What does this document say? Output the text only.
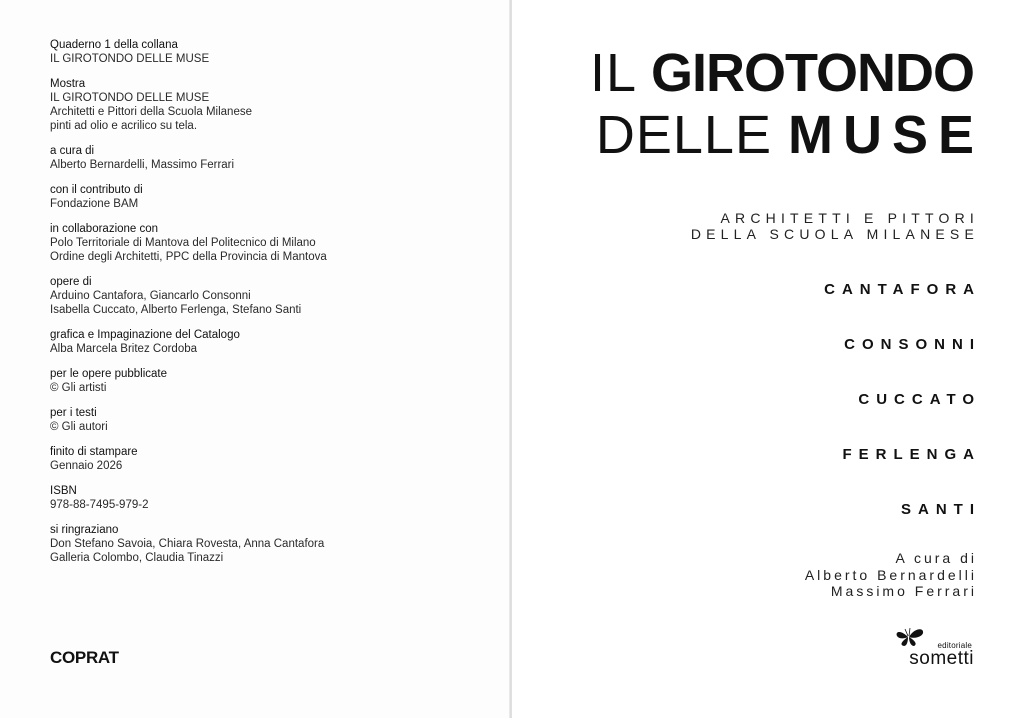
Quaderno 1 della collana
IL GIROTONDO DELLE MUSE
Mostra
IL GIROTONDO DELLE MUSE
Architetti e Pittori della Scuola Milanese
pinti ad olio e acrilico su tela.
a cura di
Alberto Bernardelli, Massimo Ferrari
con il contributo di
Fondazione BAM
in collaborazione con
Polo Territoriale di Mantova del Politecnico di Milano
Ordine degli Architetti, PPC della Provincia di Mantova
opere di
Arduino Cantafora, Giancarlo Consonni
Isabella Cuccato, Alberto Ferlenga, Stefano Santi
grafica e Impaginazione del Catalogo
Alba Marcela Britez Cordoba
per le opere pubblicate
© Gli artisti
per i testi
© Gli autori
finito di stampare
Gennaio 2026
ISBN
978-88-7495-979-2
si ringraziano
Don Stefano Savoia, Chiara Rovesta, Anna Cantafora
Galleria Colombo, Claudia Tinazzi
COPRAT
IL GIROTONDO
DELLE MUSE
ARCHITETTI E PITTORI
DELLA SCUOLA MILANESE
CANTAFORA
CONSONNI
CUCCATO
FERLENGA
SANTI
A cura di
Alberto Bernardelli
Massimo Ferrari
editoriale
sometti
